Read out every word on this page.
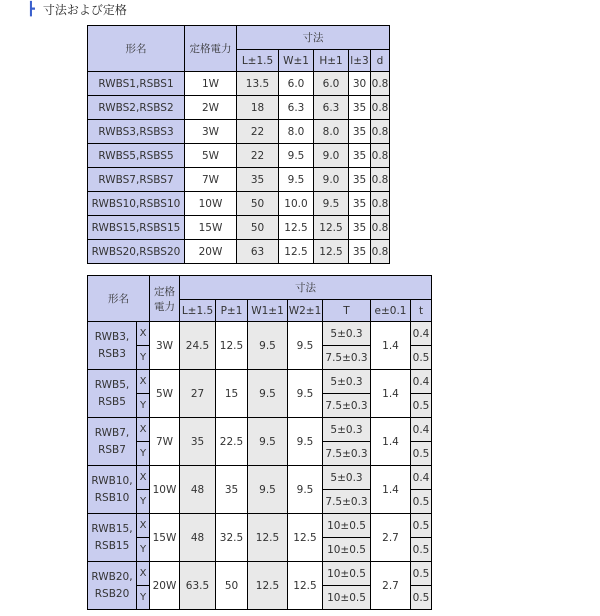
┣ 寸法および定格
形名	定格電力	寸法				
		L±1.5	W±1	H±1	l±3	d
RWBS1,RSBS1	1W	13.5	6.0	6.0	30	0.8
RWBS2,RSBS2	2W	18	6.3	6.3	35	0.8
RWBS3,RSBS3	3W	22	8.0	8.0	35	0.8
RWBS5,RSBS5	5W	22	9.5	9.0	35	0.8
RWBS7,RSBS7	7W	35	9.5	9.0	35	0.8
RWBS10,RSBS10	10W	50	10.0	9.5	35	0.8
RWBS15,RSBS15	15W	50	12.5	12.5	35	0.8
RWBS20,RSBS20	20W	63	12.5	12.5	35	0.8
形名		定格
電力	寸法						
			L±1.5	P±1	W1±1	W2±1	T	e±0.1	t
RWB3,
RSB3	X	3W	24.5	12.5	9.5	9.5	5±0.3	1.4	0.4
	Y						7.5±0.3		0.5
RWB5,
RSB5	X	5W	27	15	9.5	9.5	5±0.3	1.4	0.4
	Y						7.5±0.3		0.5
RWB7,
RSB7	X	7W	35	22.5	9.5	9.5	5±0.3	1.4	0.4
	Y						7.5±0.3		0.5
RWB10,
RSB10	X	10W	48	35	9.5	9.5	5±0.3	1.4	0.4
	Y						7.5±0.3		0.5
RWB15,
RSB15	X	15W	48	32.5	12.5	12.5	10±0.5	2.7	0.5
	Y						10±0.5		0.5
RWB20,
RSB20	X	20W	63.5	50	12.5	12.5	10±0.5	2.7	0.5
	Y						10±0.5		0.5
